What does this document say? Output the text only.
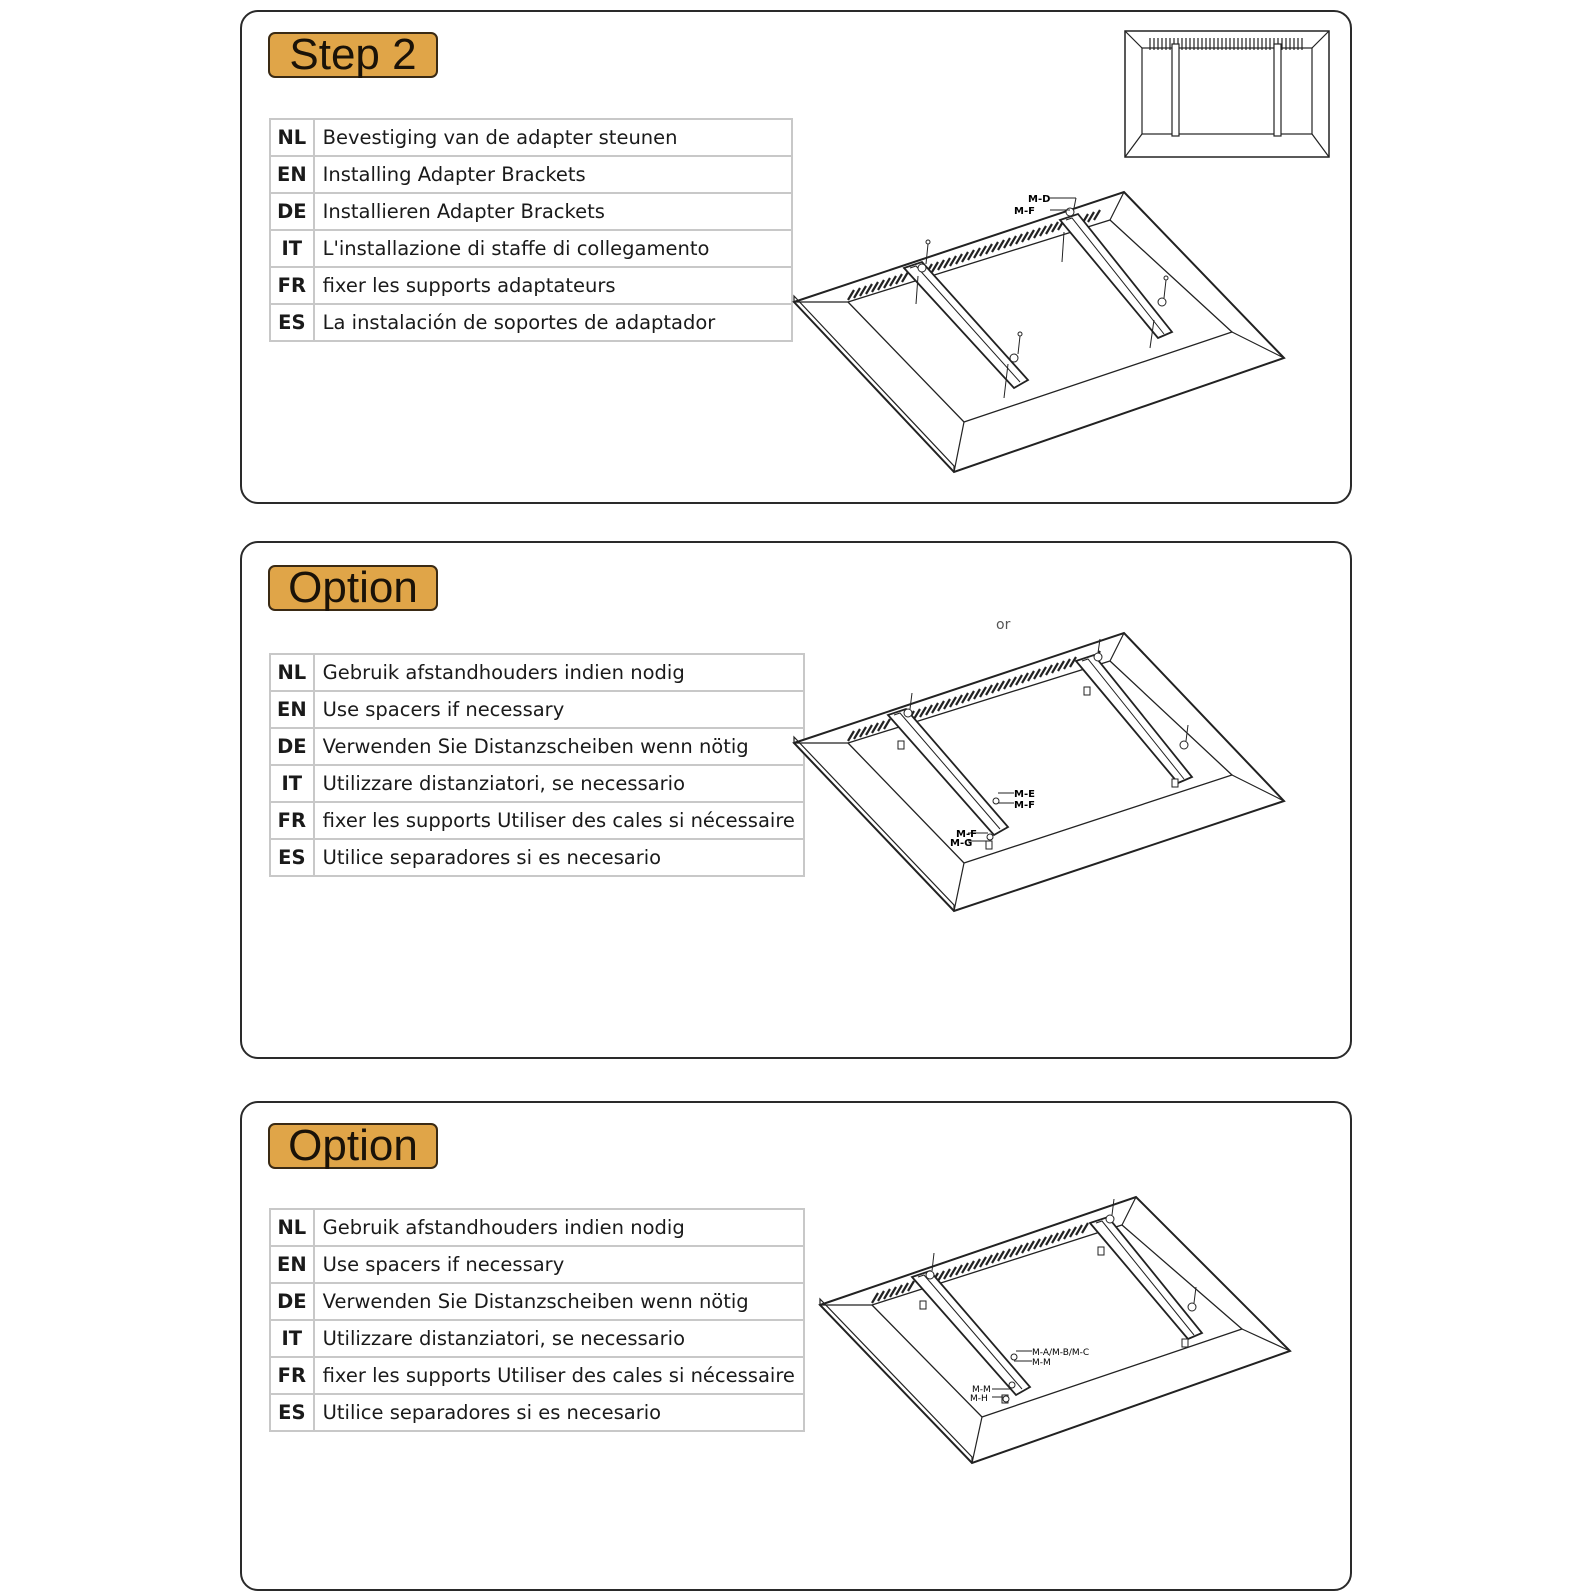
Step 2
NL	Bevestiging van de adapter steunen
EN	Installing Adapter Brackets
DE	Installieren Adapter Brackets
IT	L'installazione di staffe di collegamento
FR	fixer les supports adaptateurs
ES	La instalación de soportes de adaptador
M-D
M-F
Option
NL	Gebruik afstandhouders indien nodig
EN	Use spacers if necessary
DE	Verwenden Sie Distanzscheiben wenn nötig
IT	Utilizzare distanziatori, se necessario
FR	fixer les supports Utiliser des cales si nécessaire
ES	Utilice separadores si es necesario
or
M-E
M-F
M-F
M-G
Option
NL	Gebruik afstandhouders indien nodig
EN	Use spacers if necessary
DE	Verwenden Sie Distanzscheiben wenn nötig
IT	Utilizzare distanziatori, se necessario
FR	fixer les supports Utiliser des cales si nécessaire
ES	Utilice separadores si es necesario
M-A/M-B/M-C
M-M
M-M
M-H
